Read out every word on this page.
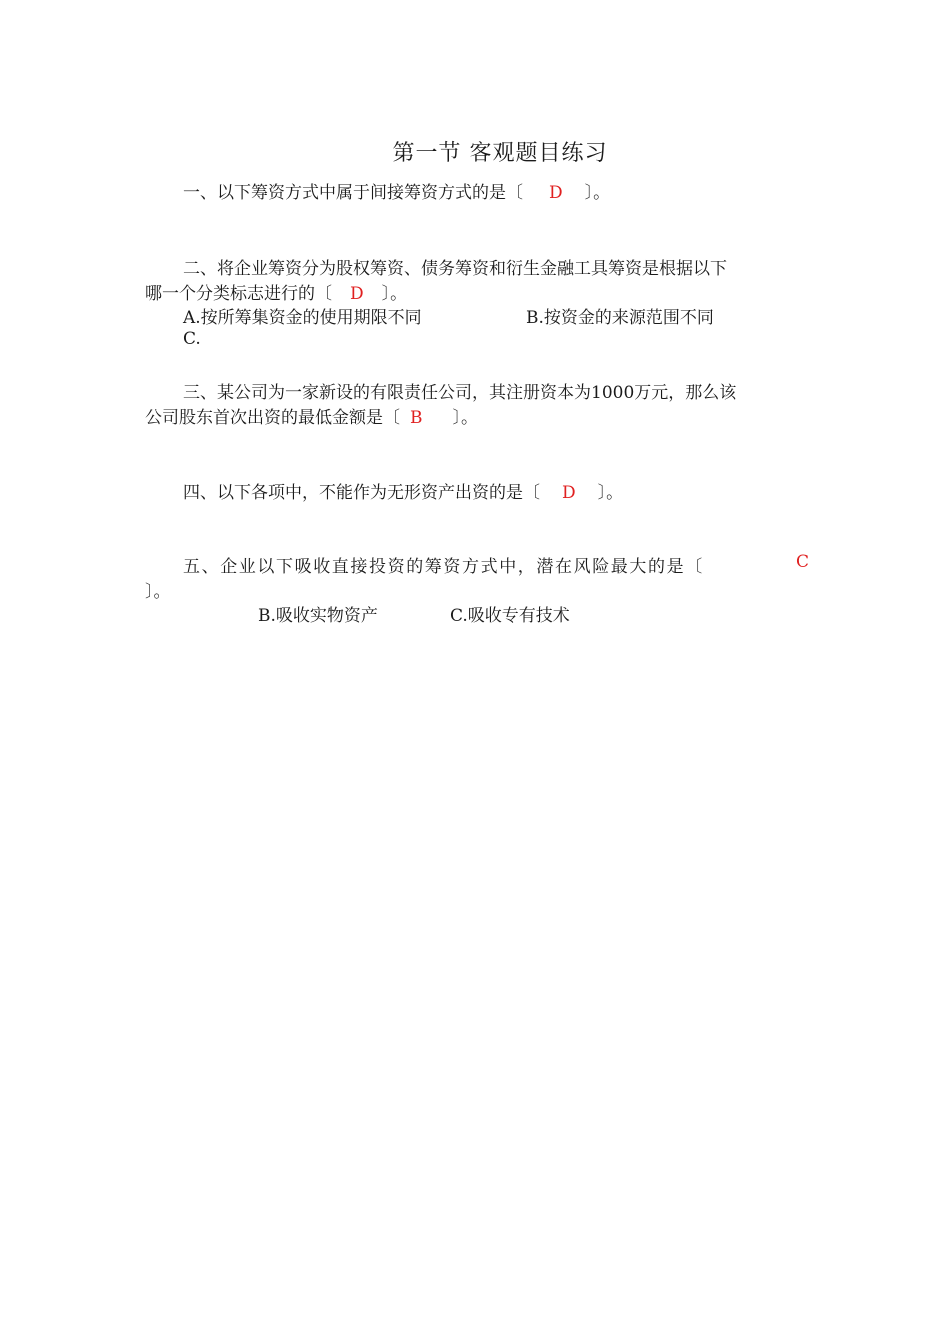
第一节 客观题目练习
一、以下筹资方式中属于间接筹资方式的是〔 D 〕。
二、将企业筹资分为股权筹资、债务筹资和衍生金融工具筹资是根据以下
哪一个分类标志进行的〔 D 〕。
A.按所筹集资金的使用期限不同	B.按资金的来源范围不同
C.
三、某公司为一家新设的有限责任公司，其注册资本为1000万元，那么该
公司股东首次出资的最低金额是〔 B 〕。
四、以下各项中，不能作为无形资产出资的是〔 D 〕。
五、企业以下吸收直接投资的筹资方式中，潜在风险最大的是〔	C
〕。
B.吸收实物资产	C.吸收专有技术
